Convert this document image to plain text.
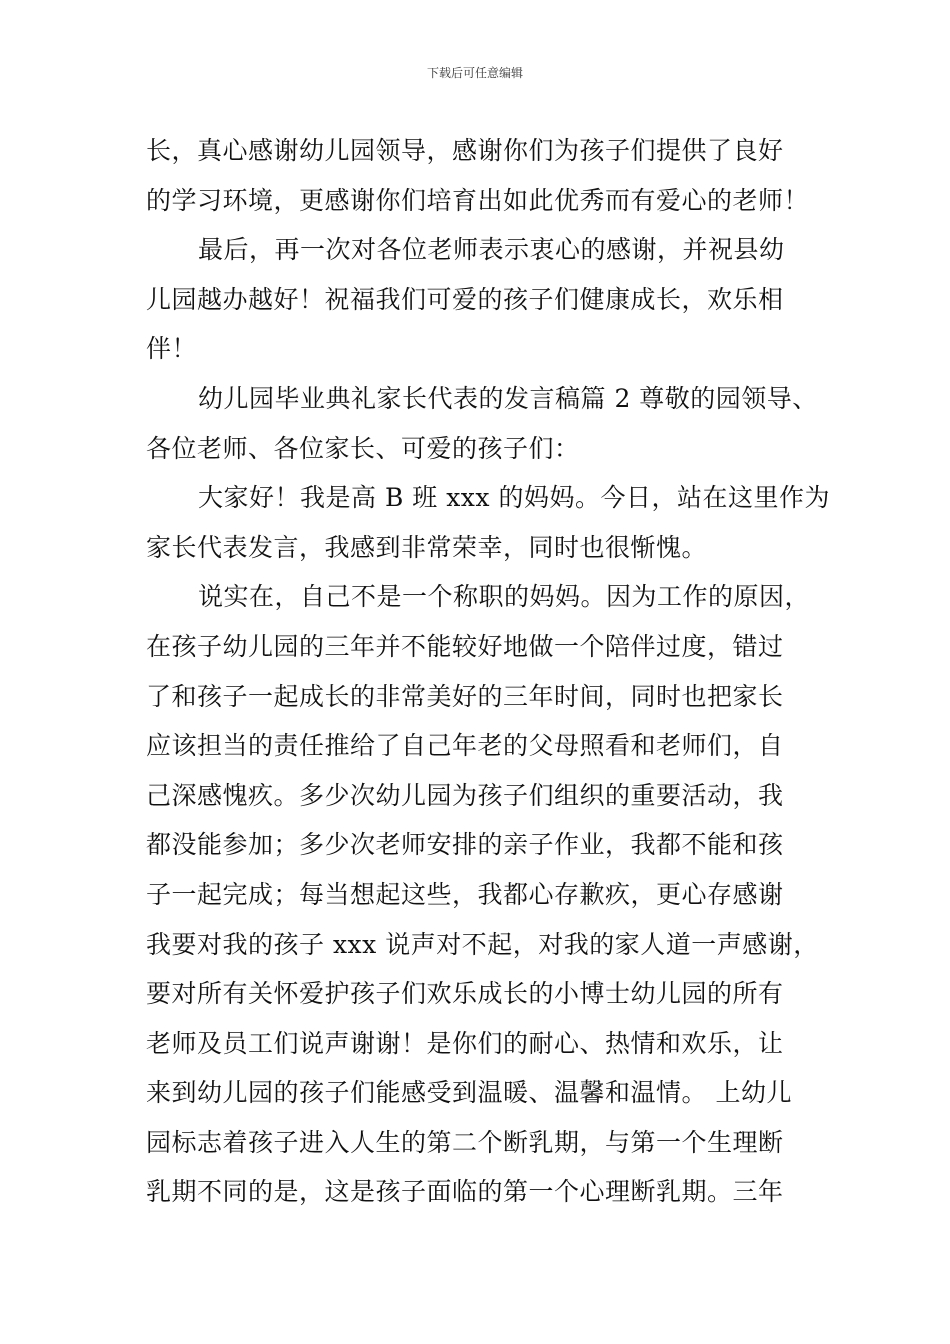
下载后可任意编辑
长，真心感谢幼儿园领导，感谢你们为孩子们提供了良好
的学习环境，更感谢你们培育出如此优秀而有爱心的老师！
最后，再一次对各位老师表示衷心的感谢，并祝县幼
儿园越办越好！祝福我们可爱的孩子们健康成长，欢乐相
伴！
幼儿园毕业典礼家长代表的发言稿篇 2 尊敬的园领导、
各位老师、各位家长、可爱的孩子们：
大家好！我是高 B 班 xxx 的妈妈。今日，站在这里作为
家长代表发言，我感到非常荣幸，同时也很惭愧。
说实在，自己不是一个称职的妈妈。因为工作的原因，
在孩子幼儿园的三年并不能较好地做一个陪伴过度，错过
了和孩子一起成长的非常美好的三年时间，同时也把家长
应该担当的责任推给了自己年老的父母照看和老师们，自
己深感愧疚。多少次幼儿园为孩子们组织的重要活动，我
都没能参加；多少次老师安排的亲子作业，我都不能和孩
子一起完成；每当想起这些，我都心存歉疚，更心存感谢
我要对我的孩子 xxx 说声对不起，对我的家人道一声感谢，
要对所有关怀爱护孩子们欢乐成长的小博士幼儿园的所有
老师及员工们说声谢谢！是你们的耐心、热情和欢乐，让
来到幼儿园的孩子们能感受到温暖、温馨和温情。 上幼儿
园标志着孩子进入人生的第二个断乳期，与第一个生理断
乳期不同的是，这是孩子面临的第一个心理断乳期。三年
